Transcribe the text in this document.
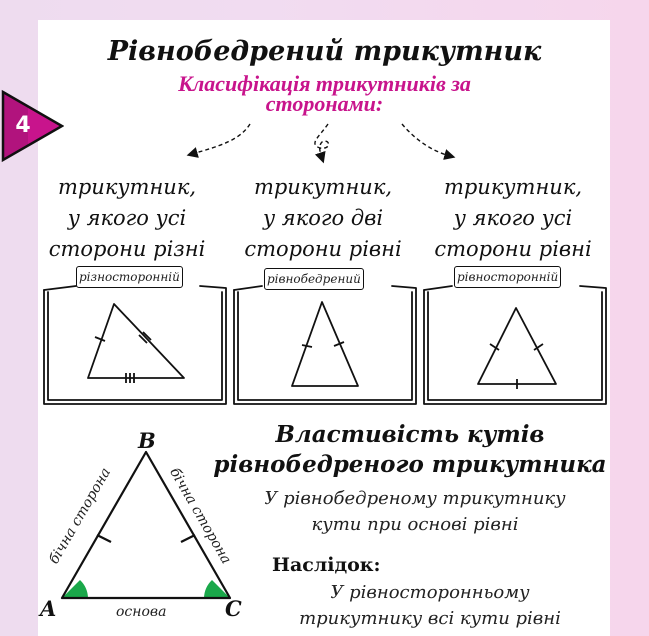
4
Рівнобедрений трикутник
Класифікація трикутників за
сторонами:
трикутник,
у якого усі
сторони різні
трикутник,
у якого дві
сторони рівні
трикутник,
у якого усі
сторони рівні
різносторонній	рівнобедрений	рівносторонній
B
A	C
бічна сторона	бічна сторона
основа
Властивість кутів
рівнобедреного трикутника
У рівнобедреному трикутнику
кути при основі рівні
Наслідок:
У рівносторонньому
трикутнику всі кути рівні
